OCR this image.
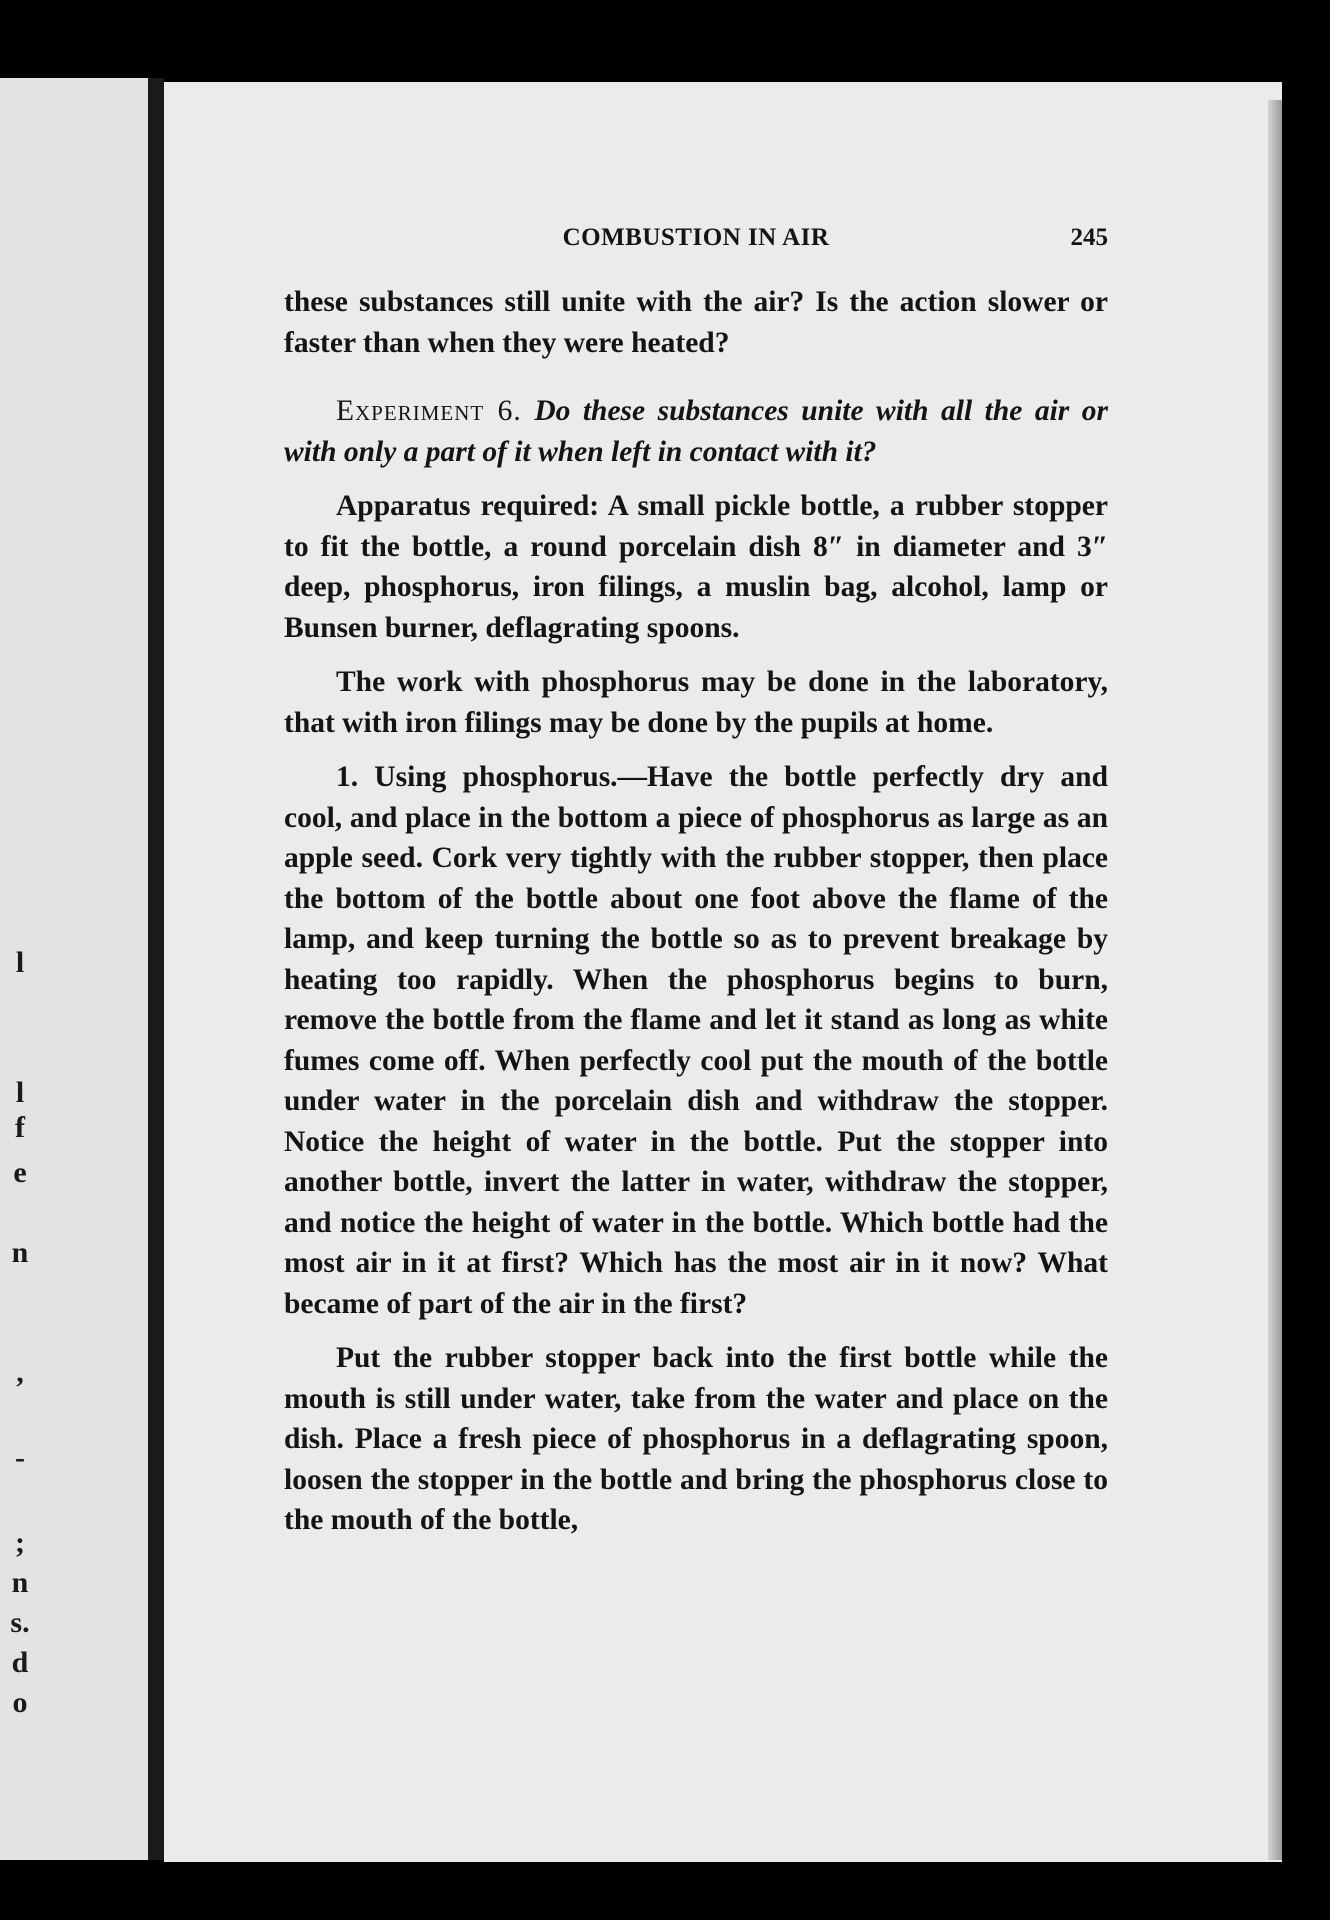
l
l
f
e
n
,
-
;
n
s.
d
o
COMBUSTION IN AIR	245

these substances still unite with the air? Is the action slower or faster than when they were heated?

Experiment 6. Do these substances unite with all the air or with only a part of it when left in contact with it?

Apparatus required: A small pickle bottle, a rubber stopper to fit the bottle, a round porcelain dish 8″ in diameter and 3″ deep, phosphorus, iron filings, a muslin bag, alcohol, lamp or Bunsen burner, deflagrating spoons.

The work with phosphorus may be done in the laboratory, that with iron filings may be done by the pupils at home.

1. Using phosphorus.—Have the bottle perfectly dry and cool, and place in the bottom a piece of phosphorus as large as an apple seed. Cork very tightly with the rubber stopper, then place the bottom of the bottle about one foot above the flame of the lamp, and keep turning the bottle so as to prevent breakage by heating too rapidly. When the phosphorus begins to burn, remove the bottle from the flame and let it stand as long as white fumes come off. When perfectly cool put the mouth of the bottle under water in the porcelain dish and withdraw the stopper. Notice the height of water in the bottle. Put the stopper into another bottle, invert the latter in water, withdraw the stopper, and notice the height of water in the bottle. Which bottle had the most air in it at first? Which has the most air in it now? What became of part of the air in the first?

Put the rubber stopper back into the first bottle while the mouth is still under water, take from the water and place on the dish. Place a fresh piece of phosphorus in a deflagrating spoon, loosen the stopper in the bottle and bring the phosphorus close to the mouth of the bottle,
